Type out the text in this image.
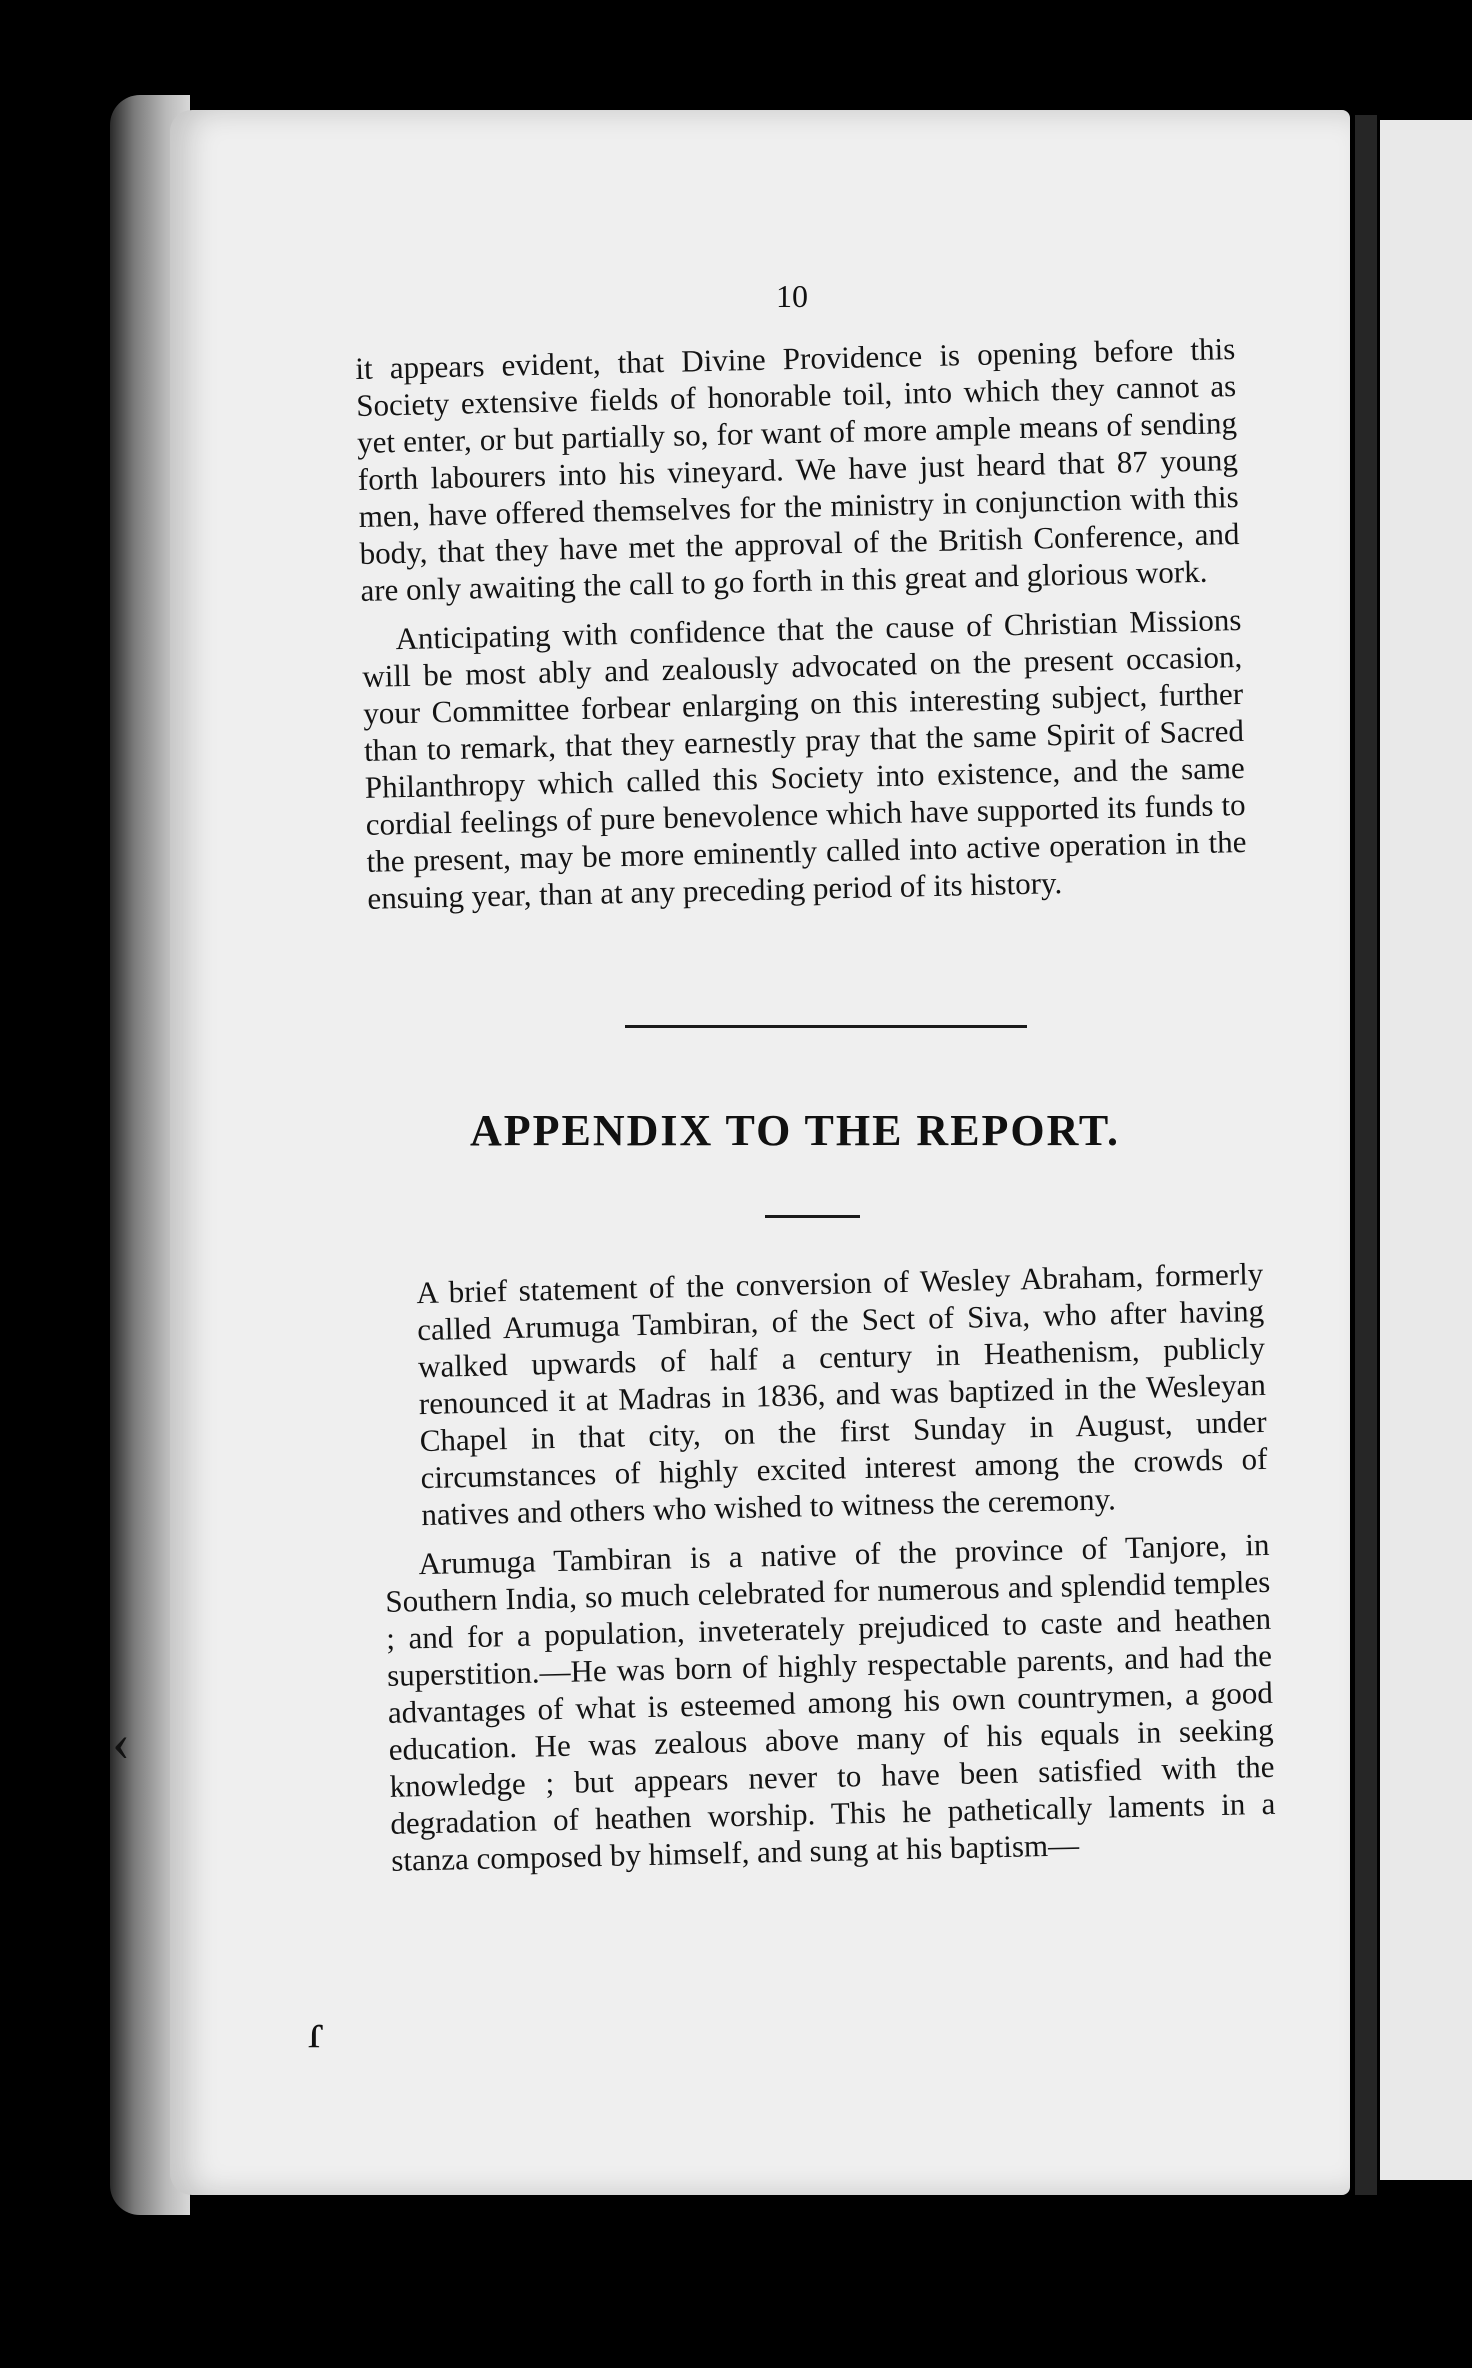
‹
ɾ
10

it appears evident, that Divine Providence is opening before this Society extensive fields of honorable toil, into which they cannot as yet enter, or but partially so, for want of more ample means of sending forth labourers into his vineyard. We have just heard that 87 young men, have offered themselves for the ministry in conjunction with this body, that they have met the approval of the British Conference, and are only awaiting the call to go forth in this great and glorious work.

Anticipating with confidence that the cause of Christian Missions will be most ably and zealously advocated on the present occasion, your Committee forbear enlarging on this interesting subject, further than to remark, that they earnestly pray that the same Spirit of Sacred Philanthropy which called this Society into existence, and the same cordial feelings of pure benevolence which have supported its funds to the present, may be more eminently called into active operation in the ensuing year, than at any preceding period of its history.

APPENDIX TO THE REPORT.

A brief statement of the conversion of Wesley Abraham, formerly called Arumuga Tambiran, of the Sect of Siva, who after having walked upwards of half a century in Heathenism, publicly renounced it at Madras in 1836, and was baptized in the Wesleyan Chapel in that city, on the first Sunday in August, under circumstances of highly excited interest among the crowds of natives and others who wished to witness the ceremony.

Arumuga Tambiran is a native of the province of Tanjore, in Southern India, so much celebrated for numerous and splendid temples ; and for a population, inveterately prejudiced to caste and heathen superstition.—He was born of highly respectable parents, and had the advantages of what is esteemed among his own countrymen, a good education. He was zealous above many of his equals in seeking knowledge ; but appears never to have been satisfied with the degradation of heathen worship. This he pathetically laments in a stanza composed by himself, and sung at his baptism—
